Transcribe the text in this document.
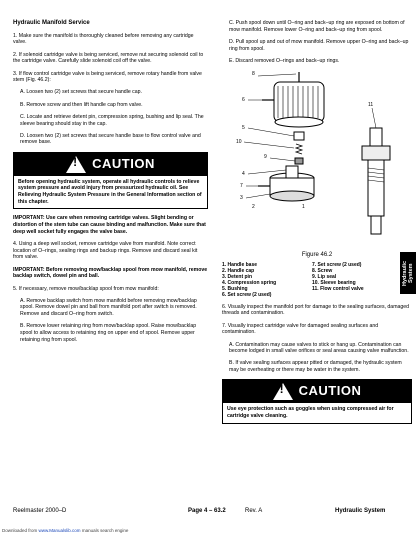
Hydraulic Manifold Service

1. Make sure the manifold is thoroughly cleaned before removing any cartridge valve.

2. If solenoid cartridge valve is being serviced, remove nut securing solenoid coil to the cartridge valve. Carefully slide solenoid coil off the valve.

3. If flow control cartridge valve is being serviced, remove rotary handle from valve stem (Fig. 46.2):

A. Loosen two (2) set screws that secure handle cap.

B. Remove screw and then lift handle cap from valve.

C. Locate and retrieve detent pin, compression spring, bushing and lip seal. The sleeve bearing should stay in the cap.

D. Loosen two (2) set screws that secure handle base to flow control valve and remove base.

! CAUTION
Before opening hydraulic system, operate all hydraulic controls to relieve system pressure and avoid injury from pressurized hydraulic oil. See Relieving Hydraulic System Pressure in the General Information section of this chapter.

IMPORTANT: Use care when removing cartridge valves. Slight bending or distortion of the stem tube can cause binding and malfunction. Make sure that deep well socket fully engages the valve base.

4. Using a deep well socket, remove cartridge valve from manifold. Note correct location of O–rings, sealing rings and backup rings. Remove and discard seal kit from valve.

IMPORTANT: Before removing mow/backlap spool from mow manifold, remove backlap switch, dowel pin and ball.

5. If necessary, remove mow/backlap spool from mow manifold:

A. Remove backlap switch from mow manifold before removing mow/backlap spool. Remove dowel pin and ball from manifold port after switch is removed. Remove and discard O–ring from switch.

B. Remove lower retaining ring from mow/backlap spool. Raise mow/backlap spool to allow access to retaining ring on upper end of spool. Remove upper retaining ring from spool.

C. Push spool down until O–ring and back–up ring are exposed on bottom of mow manifold. Remove lower O–ring and back–up ring from spool.

D. Pull spool up and out of mow manifold. Remove upper O–ring and back–up ring from spool.

E. Discard removed O–rings and back–up rings.

8
6
5
10
9
4
7
11
3
1
2
Figure 46.2
1. Handle base	7. Set screw (2 used)
2. Handle cap	8. Screw
3. Detent pin	9. Lip seal
4. Compression spring	10. Sleeve bearing
5. Bushing	11. Flow control valve
6. Set screw (2 used)

6. Visually inspect the manifold port for damage to the sealing surfaces, damaged threads and contamination.

7. Visually inspect cartridge valve for damaged sealing surfaces and contamination.

A. Contamination may cause valves to stick or hang up. Contamination can become lodged in small valve orifices or seal areas causing valve malfunction.

B. If valve sealing surfaces appear pitted or damaged, the hydraulic system may be overheating or there may be water in the system.

! CAUTION
Use eye protection such as goggles when using compressed air for cartridge valve cleaning.
Hydraulic System
Reelmaster 2000–D	Page 4 – 63.2	Rev. A	Hydraulic System
Downloaded from www.Manualslib.com manuals search engine
